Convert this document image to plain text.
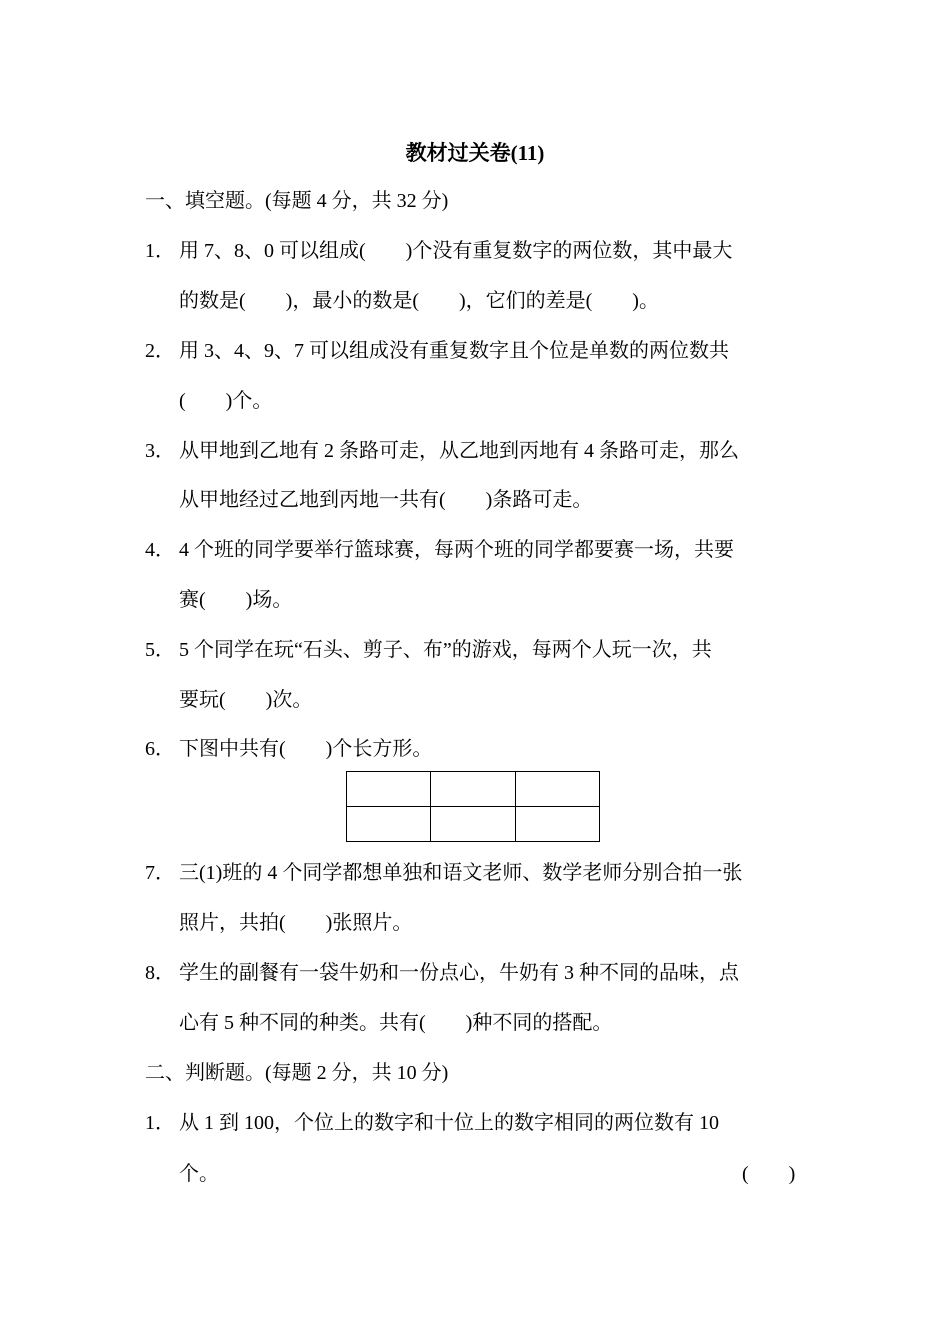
教材过关卷(11)
一、填空题。(每题 4 分，共 32 分)
1． 用 7、8、0 可以组成(　　)个没有重复数字的两位数，其中最大
的数是(　　)，最小的数是(　　)，它们的差是(　　)。
2． 用 3、4、9、7 可以组成没有重复数字且个位是单数的两位数共
(　　)个。
3． 从甲地到乙地有 2 条路可走，从乙地到丙地有 4 条路可走，那么
从甲地经过乙地到丙地一共有(　　)条路可走。
4． 4 个班的同学要举行篮球赛，每两个班的同学都要赛一场，共要
赛(　　)场。
5． 5 个同学在玩“石头、剪子、布”的游戏，每两个人玩一次，共
要玩(　　)次。
6． 下图中共有(　　)个长方形。

7． 三(1)班的 4 个同学都想单独和语文老师、数学老师分别合拍一张
照片，共拍(　　)张照片。
8． 学生的副餐有一袋牛奶和一份点心，牛奶有 3 种不同的品味，点
心有 5 种不同的种类。共有(　　)种不同的搭配。
二、判断题。(每题 2 分，共 10 分)
1． 从 1 到 100，个位上的数字和十位上的数字相同的两位数有 10
个。	(　　)
